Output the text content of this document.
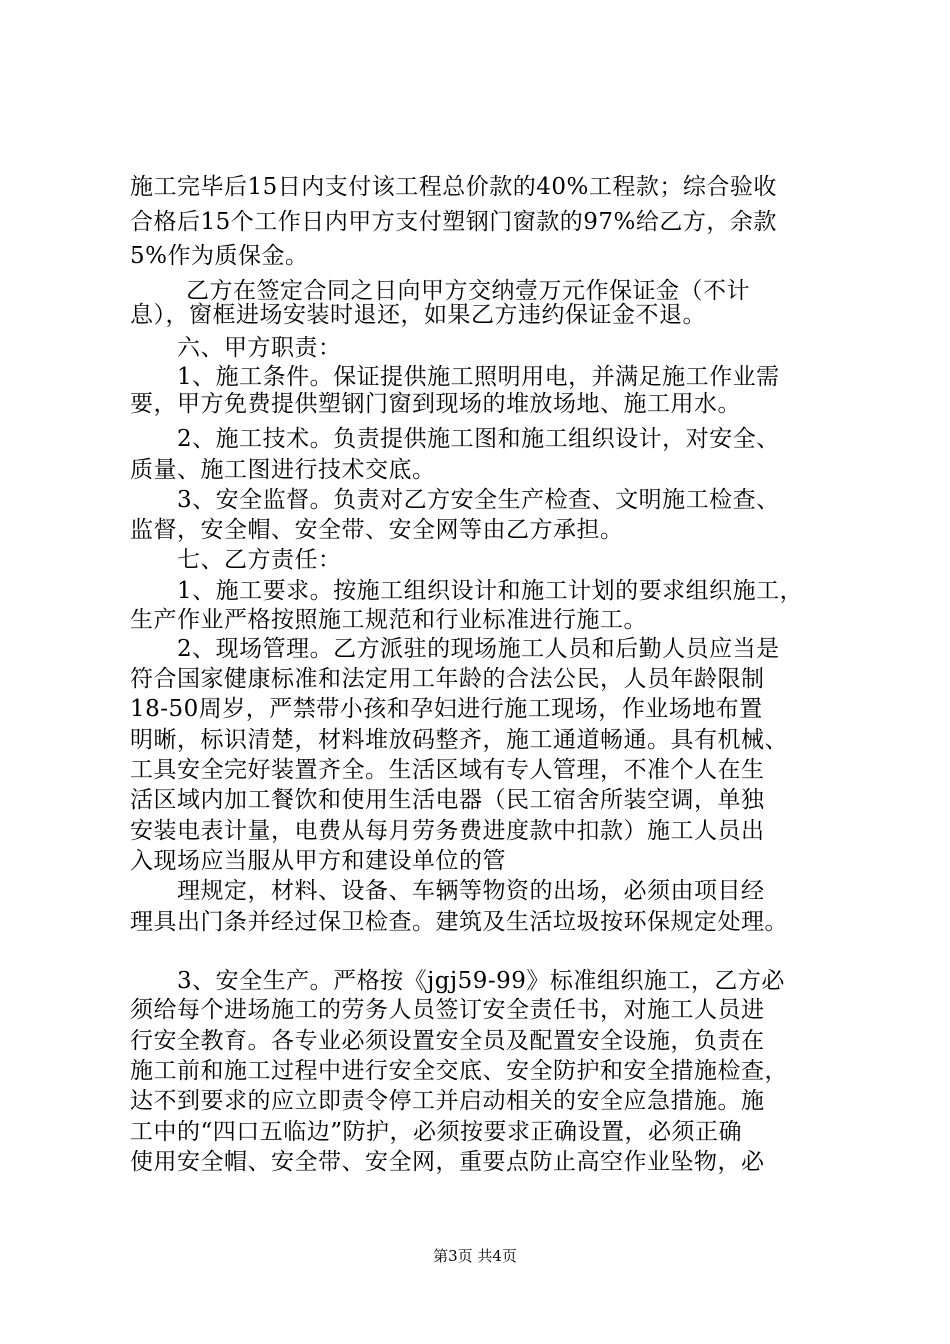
施工完毕后15日内支付该工程总价款的40%工程款；综合验收
合格后15个工作日内甲方支付塑钢门窗款的97%给乙方，余款
5%作为质保金。
乙方在签定合同之日向甲方交纳壹万元作保证金（不计
息），窗框进场安装时退还，如果乙方违约保证金不退。
六、甲方职责：
1、施工条件。保证提供施工照明用电，并满足施工作业需
要，甲方免费提供塑钢门窗到现场的堆放场地、施工用水。
2、施工技术。负责提供施工图和施工组织设计，对安全、
质量、施工图进行技术交底。
3、安全监督。负责对乙方安全生产检查、文明施工检查、
监督，安全帽、安全带、安全网等由乙方承担。
七、乙方责任：
1、施工要求。按施工组织设计和施工计划的要求组织施工，
生产作业严格按照施工规范和行业标准进行施工。
2、现场管理。乙方派驻的现场施工人员和后勤人员应当是
符合国家健康标准和法定用工年龄的合法公民，人员年龄限制
18-50周岁，严禁带小孩和孕妇进行施工现场，作业场地布置
明晰，标识清楚，材料堆放码整齐，施工通道畅通。具有机械、
工具安全完好装置齐全。生活区域有专人管理，不准个人在生
活区域内加工餐饮和使用生活电器（民工宿舍所装空调，单独
安装电表计量，电费从每月劳务费进度款中扣款）施工人员出
入现场应当服从甲方和建设单位的管
理规定，材料、设备、车辆等物资的出场，必须由项目经
理具出门条并经过保卫检查。建筑及生活垃圾按环保规定处理。
3、安全生产。严格按《jgj59-99》标准组织施工，乙方必
须给每个进场施工的劳务人员签订安全责任书，对施工人员进
行安全教育。各专业必须设置安全员及配置安全设施，负责在
施工前和施工过程中进行安全交底、安全防护和安全措施检查，
达不到要求的应立即责令停工并启动相关的安全应急措施。施
工中的“四口五临边”防护，必须按要求正确设置，必须正确
使用安全帽、安全带、安全网，重要点防止高空作业坠物，必
第3页 共4页
